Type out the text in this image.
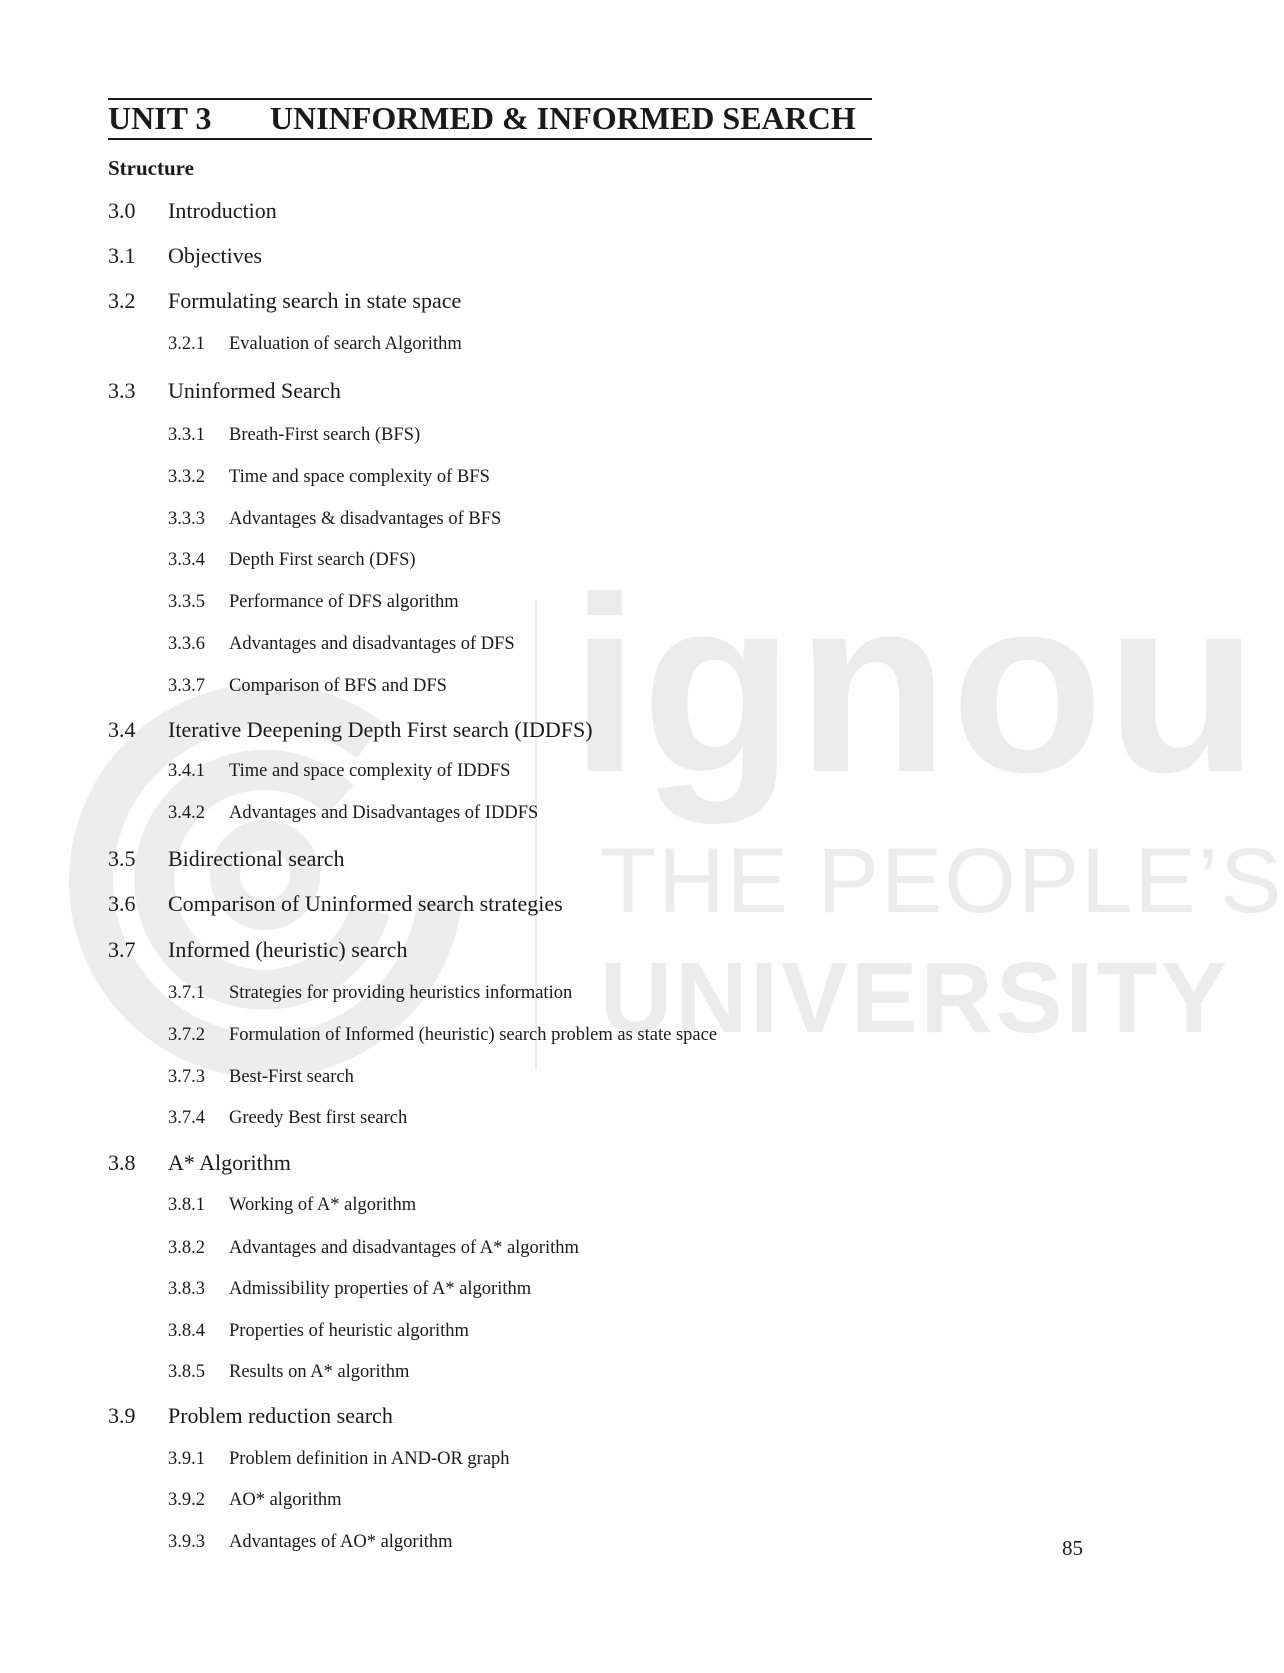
ignou
THE PEOPLE’S
UNIVERSITY
UNIT 3 UNINFORMED & INFORMED SEARCH
Structure
3.0 Introduction
3.1 Objectives
3.2 Formulating search in state space
3.2.1 Evaluation of search Algorithm
3.3 Uninformed Search
3.3.1 Breath-First search (BFS)
3.3.2 Time and space complexity of BFS
3.3.3 Advantages & disadvantages of BFS
3.3.4 Depth First search (DFS)
3.3.5 Performance of DFS algorithm
3.3.6 Advantages and disadvantages of DFS
3.3.7 Comparison of BFS and DFS
3.4 Iterative Deepening Depth First search (IDDFS)
3.4.1 Time and space complexity of IDDFS
3.4.2 Advantages and Disadvantages of IDDFS
3.5 Bidirectional search
3.6 Comparison of Uninformed search strategies
3.7 Informed (heuristic) search
3.7.1 Strategies for providing heuristics information
3.7.2 Formulation of Informed (heuristic) search problem as state space
3.7.3 Best-First search
3.7.4 Greedy Best first search
3.8 A* Algorithm
3.8.1 Working of A* algorithm
3.8.2 Advantages and disadvantages of A* algorithm
3.8.3 Admissibility properties of A* algorithm
3.8.4 Properties of heuristic algorithm
3.8.5 Results on A* algorithm
3.9 Problem reduction search
3.9.1 Problem definition in AND-OR graph
3.9.2 AO* algorithm
3.9.3 Advantages of AO* algorithm	85
